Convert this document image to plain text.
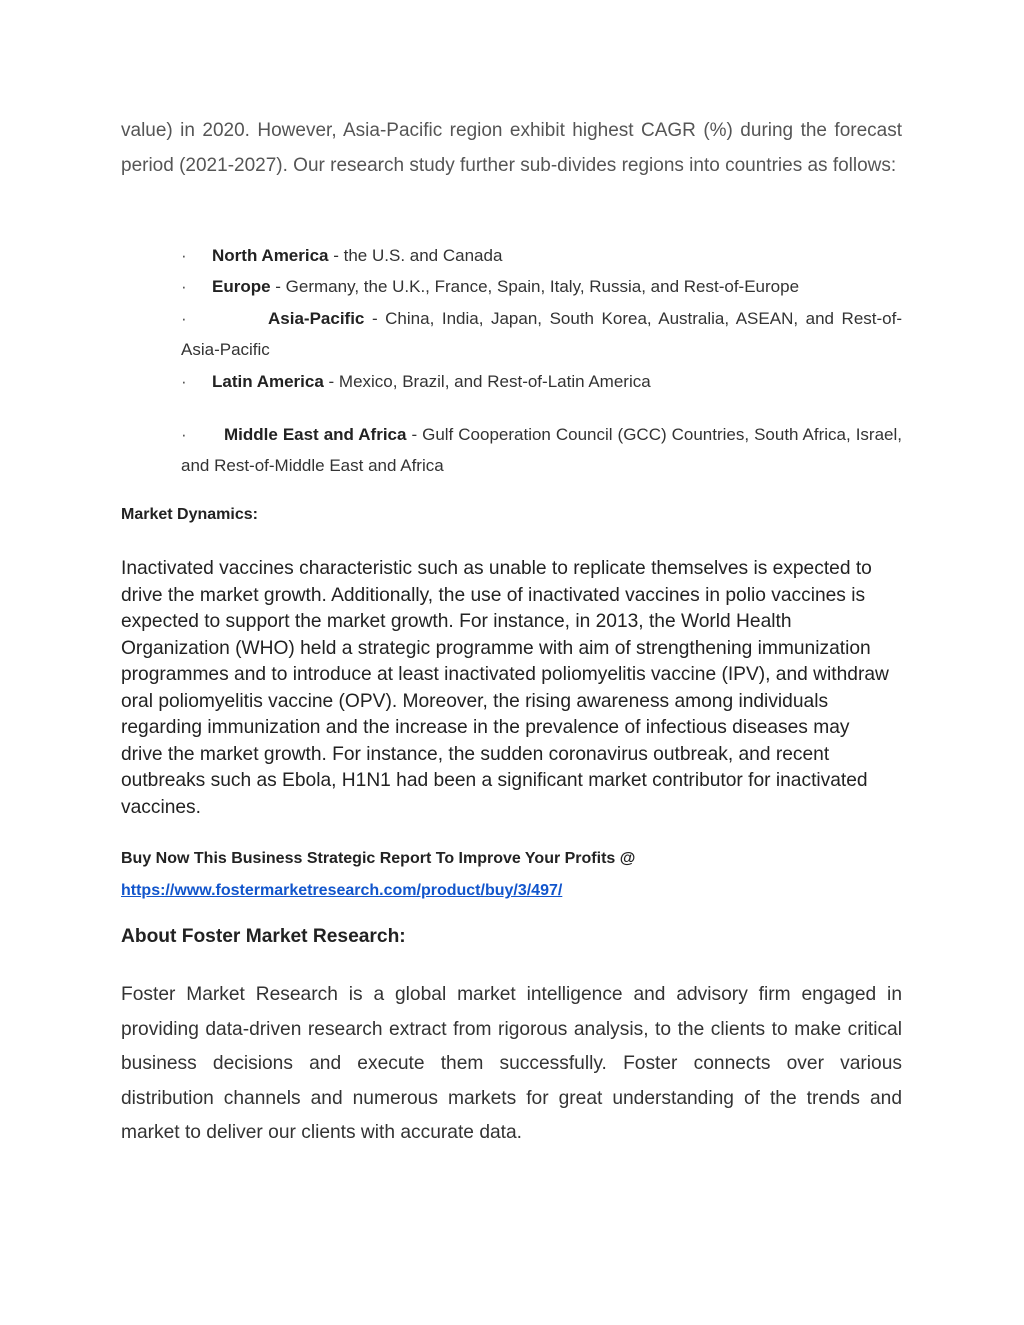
value) in 2020. However, Asia-Pacific region exhibit highest CAGR (%) during the forecast period (2021-2027). Our research study further sub-divides regions into countries as follows:

· North America - the U.S. and Canada
· Europe - Germany, the U.K., France, Spain, Italy, Russia, and Rest-of-Europe
·	Asia-Pacific - China, India, Japan, South Korea, Australia, ASEAN, and Rest-of-Asia-Pacific
· Latin America - Mexico, Brazil, and Rest-of-Latin America
· Middle East and Africa - Gulf Cooperation Council (GCC) Countries, South Africa, Israel, and Rest-of-Middle East and Africa
Market Dynamics:

Inactivated vaccines characteristic such as unable to replicate themselves is expected to drive the market growth. Additionally, the use of inactivated vaccines in polio vaccines is expected to support the market growth. For instance, in 2013, the World Health Organization (WHO) held a strategic programme with aim of strengthening immunization programmes and to introduce at least inactivated poliomyelitis vaccine (IPV), and withdraw oral poliomyelitis vaccine (OPV). Moreover, the rising awareness among individuals regarding immunization and the increase in the prevalence of infectious diseases may drive the market growth. For instance, the sudden coronavirus outbreak, and recent outbreaks such as Ebola, H1N1 had been a significant market contributor for inactivated vaccines.

Buy Now This Business Strategic Report To Improve Your Profits @
https://www.fostermarketresearch.com/product/buy/3/497/
About Foster Market Research:

Foster Market Research is a global market intelligence and advisory firm engaged in providing data-driven research extract from rigorous analysis, to the clients to make critical business decisions and execute them successfully. Foster connects over various distribution channels and numerous markets for great understanding of the trends and market to deliver our clients with accurate data.
